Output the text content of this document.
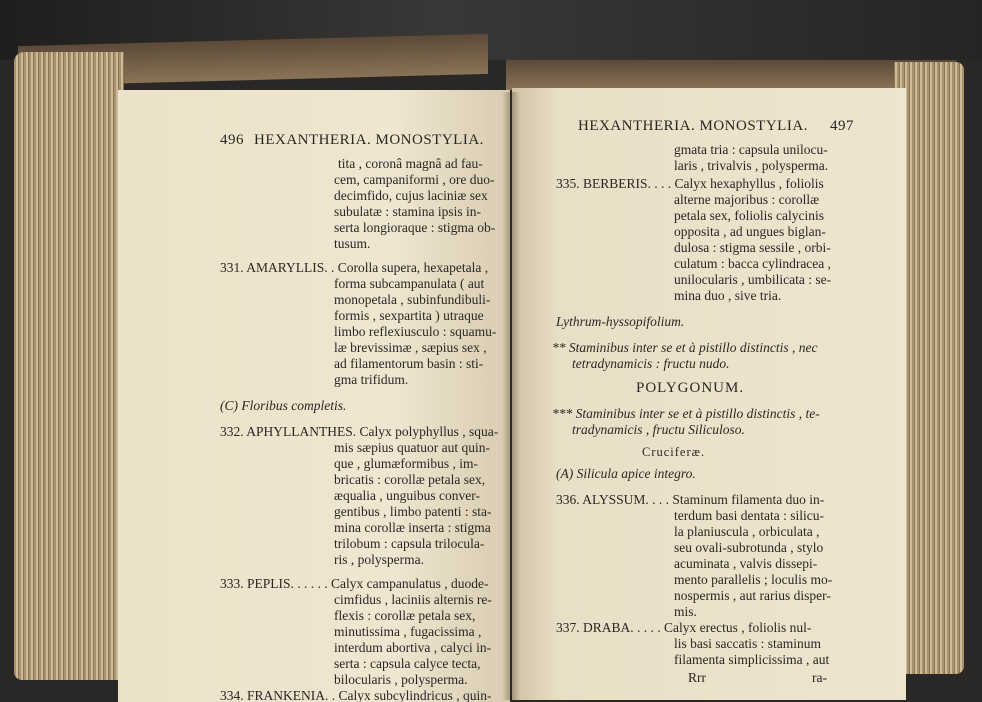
496 HEXANTHERIA. MONOSTYLIA.
tita , coronâ magnâ ad fau-
cem, campaniformi , ore duo-
decimfido, cujus laciniæ sex
subulatæ : stamina ipsis in-
serta longioraque : stigma ob-
tusum.
331. AMARYLLIS. . Corolla supera, hexapetala ,
forma subcampanulata ( aut
monopetala , subinfundibuli-
formis , sexpartita ) utraque
limbo reflexiusculo : squamu-
læ brevissimæ , sæpius sex ,
ad filamentorum basin : sti-
gma trifidum.
(C) Floribus completis.
332. APHYLLANTHES. Calyx polyphyllus , squa-
mis sæpius quatuor aut quin-
que , glumæformibus , im-
bricatis : corollæ petala sex,
æqualia , unguibus conver-
gentibus , limbo patenti : sta-
mina corollæ inserta : stigma
trilobum : capsula trilocula-
ris , polysperma.
333. PEPLIS. . . . . . Calyx campanulatus , duode-
cimfidus , laciniis alternis re-
flexis : corollæ petala sex,
minutissima , fugacissima ,
interdum abortiva , calyci in-
serta : capsula calyce tecta,
bilocularis , polysperma.
334. FRANKENIA. . Calyx subcylindricus , quin-
HEXANTHERIA. MONOSTYLIA. 497
gmata tria : capsula unilocu-
laris , trivalvis , polysperma.
335. BERBERIS. . . . Calyx hexaphyllus , foliolis
alterne majoribus : corollæ
petala sex, foliolis calycinis
opposita , ad ungues biglan-
dulosa : stigma sessile , orbi-
culatum : bacca cylindracea ,
unilocularis , umbilicata : se-
mina duo , sive tria.
Lythrum-hyssopifolium.
** Staminibus inter se et à pistillo distinctis , nec
tetradynamicis : fructu nudo.
POLYGONUM.
*** Staminibus inter se et à pistillo distinctis , te-
tradynamicis , fructu Siliculoso.
Cruciferæ.
(A) Silicula apice integro.
336. ALYSSUM. . . . Staminum filamenta duo in-
terdum basi dentata : silicu-
la planiuscula , orbiculata ,
seu ovali-subrotunda , stylo
acuminata , valvis dissepi-
mento parallelis ; loculis mo-
nospermis , aut rarius disper-
mis.
337. DRABA. . . . . Calyx erectus , foliolis nul-
lis basi saccatis : staminum
filamenta simplicissima , aut
Rrr	ra-
